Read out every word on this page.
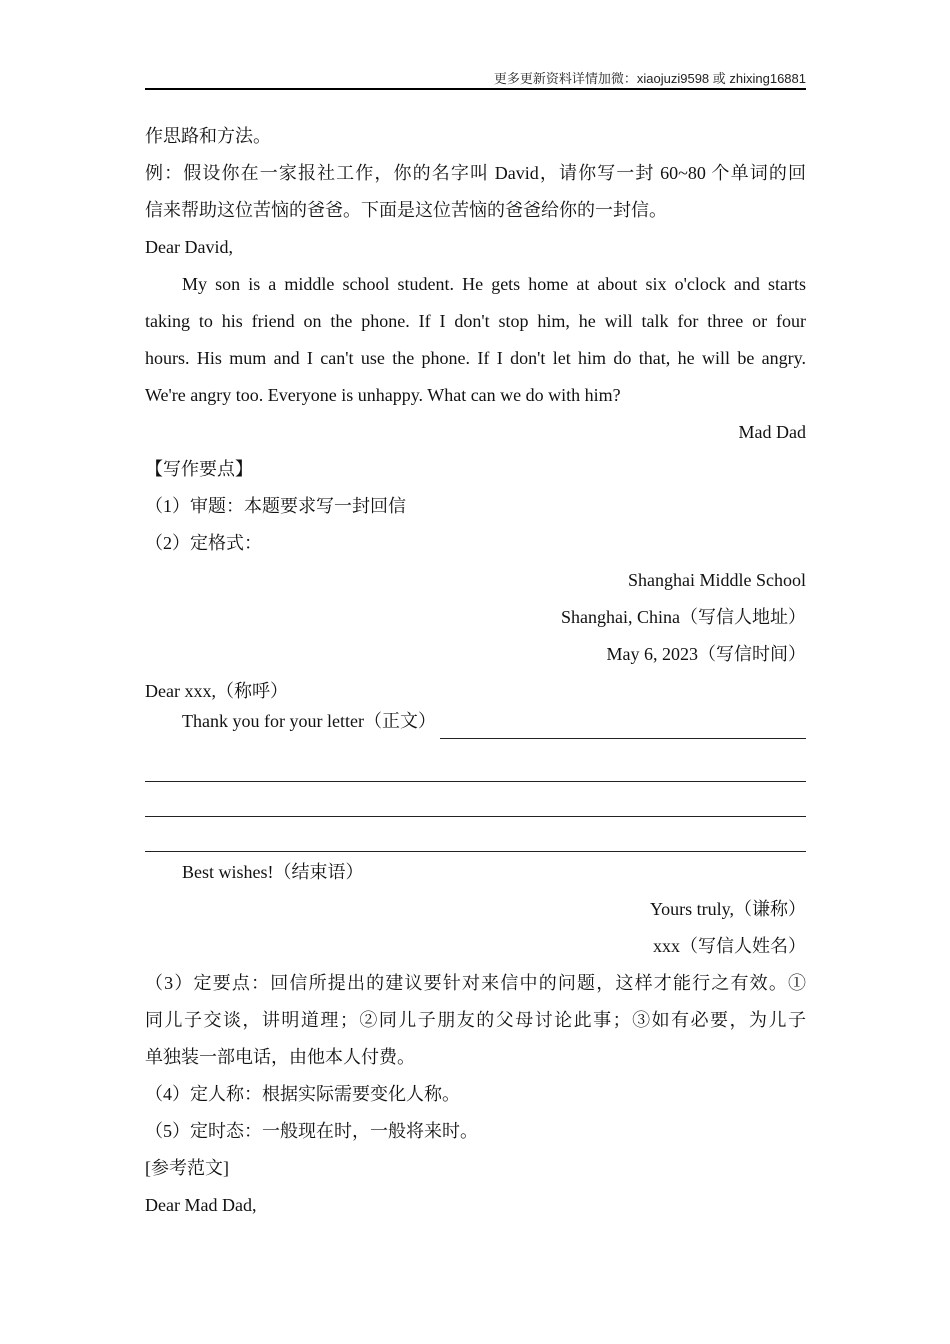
更多更新资料详情加微：xiaojuzi9598 或 zhixing16881
作思路和方法。
例：假设你在一家报社工作，你的名字叫 David，请你写一封 60~80 个单词的回
信来帮助这位苦恼的爸爸。下面是这位苦恼的爸爸给你的一封信。
Dear David,
My son is a middle school student. He gets home at about six o'clock and starts
taking to his friend on the phone. If I don't stop him, he will talk for three or four
hours. His mum and I can't use the phone. If I don't let him do that, he will be angry.
We're angry too. Everyone is unhappy. What can we do with him?
Mad Dad
【写作要点】
（1）审题：本题要求写一封回信
（2）定格式：
Shanghai Middle School
Shanghai, China（写信人地址）
May 6, 2023（写信时间）
Dear xxx,（称呼）
Thank you for your letter（正文）
Best wishes!（结束语）
Yours truly,（谦称）
xxx（写信人姓名）
（3）定要点：回信所提出的建议要针对来信中的问题，这样才能行之有效。①
同儿子交谈，讲明道理；②同儿子朋友的父母讨论此事；③如有必要，为儿子
单独装一部电话，由他本人付费。
（4）定人称：根据实际需要变化人称。
（5）定时态：一般现在时，一般将来时。
[参考范文]
Dear Mad Dad,
